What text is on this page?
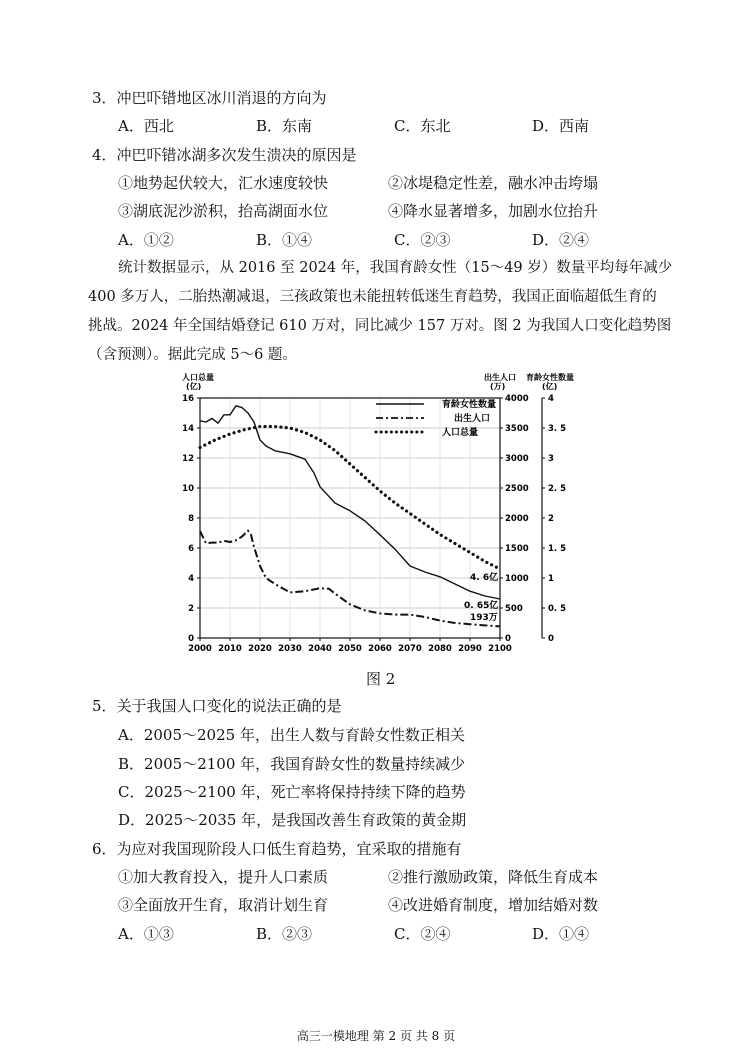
3．冲巴吓错地区冰川消退的方向为
A．西北	B．东南	C．东北	D．西南
4．冲巴吓错冰湖多次发生溃决的原因是
①地势起伏较大，汇水速度较快	②冰堤稳定性差，融水冲击垮塌
③湖底泥沙淤积，抬高湖面水位	④降水显著增多，加剧水位抬升
A．①②	B．①④	C．②③	D．②④
统计数据显示，从 2016 至 2024 年，我国育龄女性（15～49 岁）数量平均每年减少
400 多万人，二胎热潮减退，三孩政策也未能扭转低迷生育趋势，我国正面临超低生育的
挑战。2024 年全国结婚登记 610 万对，同比减少 157 万对。图 2 为我国人口变化趋势图
（含预测）。据此完成 5～6 题。
人口总量
(亿)
出生人口
(万)
育龄女性数量
(亿)
0
2
4
6
8
10
12
14
16
2000 2010 2020 2030 2040 2050 2060 2070 2080 2090 2100
0
500
1000
1500
2000
2500
3000
3500
4000
0
0. 5
1
1. 5
2
2. 5
3
3. 5
4
育龄女性数量
出生人口
人口总量
4. 6亿
0. 65亿
193万
图 2
5．关于我国人口变化的说法正确的是
A．2005～2025 年，出生人数与育龄女性数正相关
B．2005～2100 年，我国育龄女性的数量持续减少
C．2025～2100 年，死亡率将保持持续下降的趋势
D．2025～2035 年，是我国改善生育政策的黄金期
6．为应对我国现阶段人口低生育趋势，宜采取的措施有
①加大教育投入，提升人口素质	②推行激励政策，降低生育成本
③全面放开生育，取消计划生育	④改进婚育制度，增加结婚对数
A．①③	B．②③	C．②④	D．①④
高三一模地理 第 2 页 共 8 页
